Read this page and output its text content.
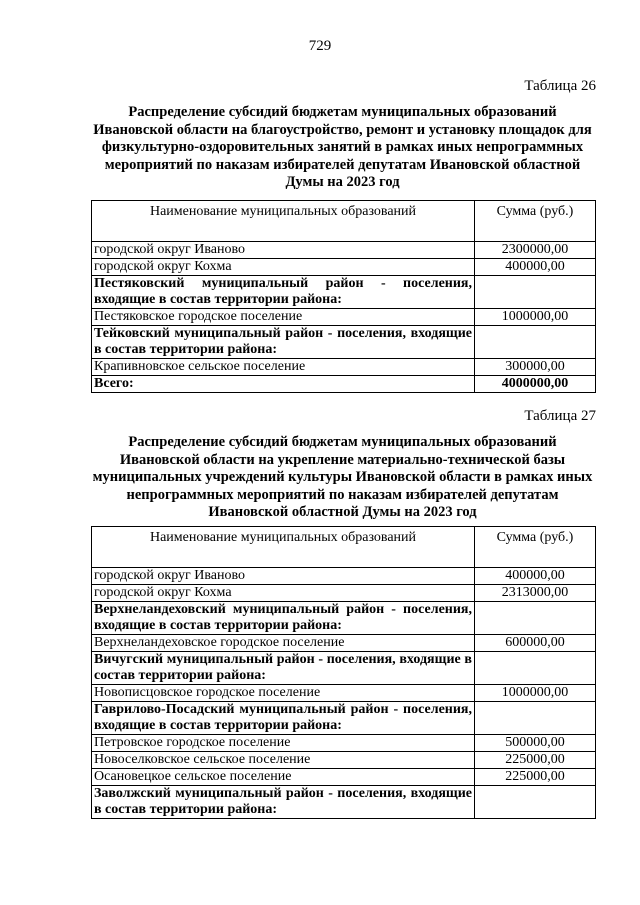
729
Таблица 26
Распределение субсидий бюджетам муниципальных образований Ивановской области на благоустройство, ремонт и установку площадок для физкультурно-оздоровительных занятий в рамках иных непрограммных мероприятий по наказам избирателей депутатам Ивановской областной Думы на 2023 год
Наименование муниципальных образований	Сумма (руб.)
городской округ Иваново	2300000,00
городской округ Кохма	400000,00
Пестяковский муниципальный район - поселения, входящие в состав территории района:	
Пестяковское городское поселение	1000000,00
Тейковский муниципальный район - поселения, входящие в состав территории района:	
Крапивновское сельское поселение	300000,00
Всего:	4000000,00
Таблица 27
Распределение субсидий бюджетам муниципальных образований Ивановской области на укрепление материально-технической базы муниципальных учреждений культуры Ивановской области в рамках иных непрограммных мероприятий по наказам избирателей депутатам Ивановской областной Думы на 2023 год
Наименование муниципальных образований	Сумма (руб.)
городской округ Иваново	400000,00
городской округ Кохма	2313000,00
Верхнеландеховский муниципальный район - поселения, входящие в состав территории района:	
Верхнеландеховское городское поселение	600000,00
Вичугский муниципальный район - поселения, входящие в состав территории района:	
Новописцовское городское поселение	1000000,00
Гаврилово-Посадский муниципальный район - поселения, входящие в состав территории района:	
Петровское городское поселение	500000,00
Новоселковское сельское поселение	225000,00
Осановецкое сельское поселение	225000,00
Заволжский муниципальный район - поселения, входящие в состав территории района:	
